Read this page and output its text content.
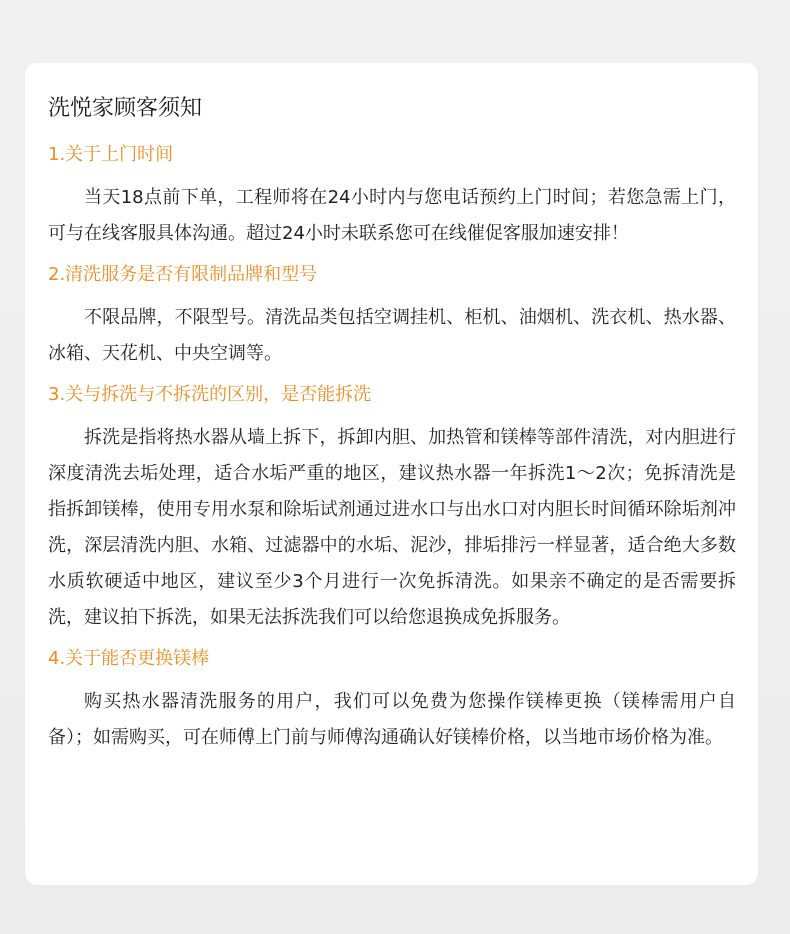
洗悦家顾客须知
1.关于上门时间

当天18点前下单，工程师将在24小时内与您电话预约上门时间；若您急需上门，可与在线客服具体沟通。超过24小时未联系您可在线催促客服加速安排！

2.清洗服务是否有限制品牌和型号

不限品牌，不限型号。清洗品类包括空调挂机、柜机、油烟机、洗衣机、热水器、冰箱、天花机、中央空调等。

3.关与拆洗与不拆洗的区别，是否能拆洗

拆洗是指将热水器从墙上拆下，拆卸内胆、加热管和镁棒等部件清洗，对内胆进行深度清洗去垢处理，适合水垢严重的地区，建议热水器一年拆洗1～2次；免拆清洗是指拆卸镁棒，使用专用水泵和除垢试剂通过进水口与出水口对内胆长时间循环除垢剂冲洗，深层清洗内胆、水箱、过滤器中的水垢、泥沙，排垢排污一样显著，适合绝大多数水质软硬适中地区，建议至少3个月进行一次免拆清洗。如果亲不确定的是否需要拆洗，建议拍下拆洗，如果无法拆洗我们可以给您退换成免拆服务。

4.关于能否更换镁棒

购买热水器清洗服务的用户，我们可以免费为您操作镁棒更换（镁棒需用户自备）；如需购买，可在师傅上门前与师傅沟通确认好镁棒价格，以当地市场价格为准。
